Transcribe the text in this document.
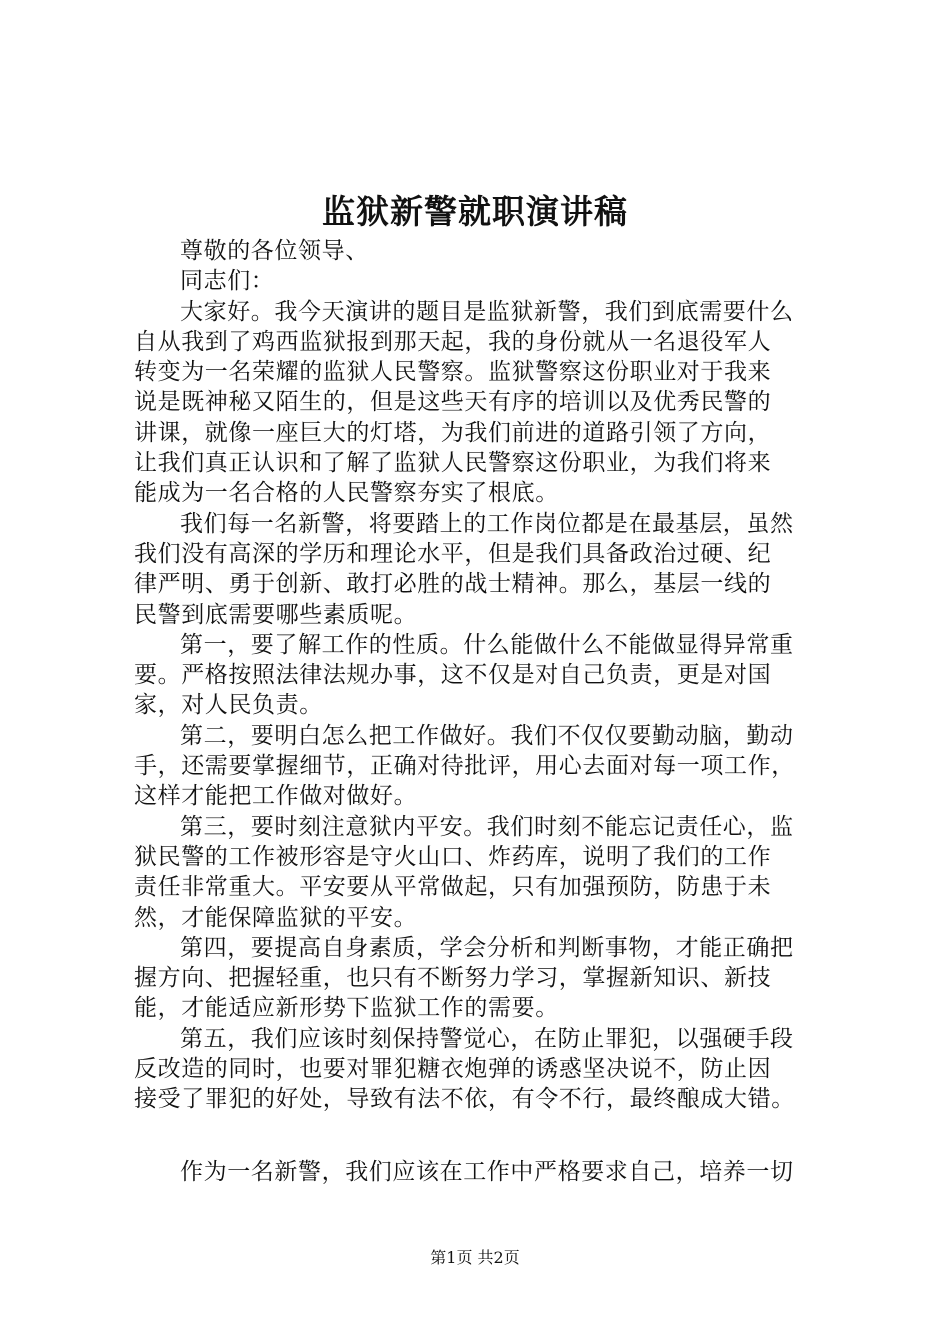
监狱新警就职演讲稿
尊敬的各位领导、
同志们：
大家好。我今天演讲的题目是监狱新警，我们到底需要什么
自从我到了鸡西监狱报到那天起，我的身份就从一名退役军人
转变为一名荣耀的监狱人民警察。监狱警察这份职业对于我来
说是既神秘又陌生的，但是这些天有序的培训以及优秀民警的
讲课，就像一座巨大的灯塔，为我们前进的道路引领了方向，
让我们真正认识和了解了监狱人民警察这份职业，为我们将来
能成为一名合格的人民警察夯实了根底。
我们每一名新警，将要踏上的工作岗位都是在最基层，虽然
我们没有高深的学历和理论水平，但是我们具备政治过硬、纪
律严明、勇于创新、敢打必胜的战士精神。那么，基层一线的
民警到底需要哪些素质呢。
第一，要了解工作的性质。什么能做什么不能做显得异常重
要。严格按照法律法规办事，这不仅是对自己负责，更是对国
家，对人民负责。
第二，要明白怎么把工作做好。我们不仅仅要勤动脑，勤动
手，还需要掌握细节，正确对待批评，用心去面对每一项工作，
这样才能把工作做对做好。
第三，要时刻注意狱内平安。我们时刻不能忘记责任心，监
狱民警的工作被形容是守火山口、炸药库，说明了我们的工作
责任非常重大。平安要从平常做起，只有加强预防，防患于未
然，才能保障监狱的平安。
第四，要提高自身素质，学会分析和判断事物，才能正确把
握方向、把握轻重，也只有不断努力学习，掌握新知识、新技
能，才能适应新形势下监狱工作的需要。
第五，我们应该时刻保持警觉心，在防止罪犯，以强硬手段
反改造的同时，也要对罪犯糖衣炮弹的诱惑坚决说不，防止因
接受了罪犯的好处，导致有法不依，有令不行，最终酿成大错。
作为一名新警，我们应该在工作中严格要求自己，培养一切
第1页 共2页
